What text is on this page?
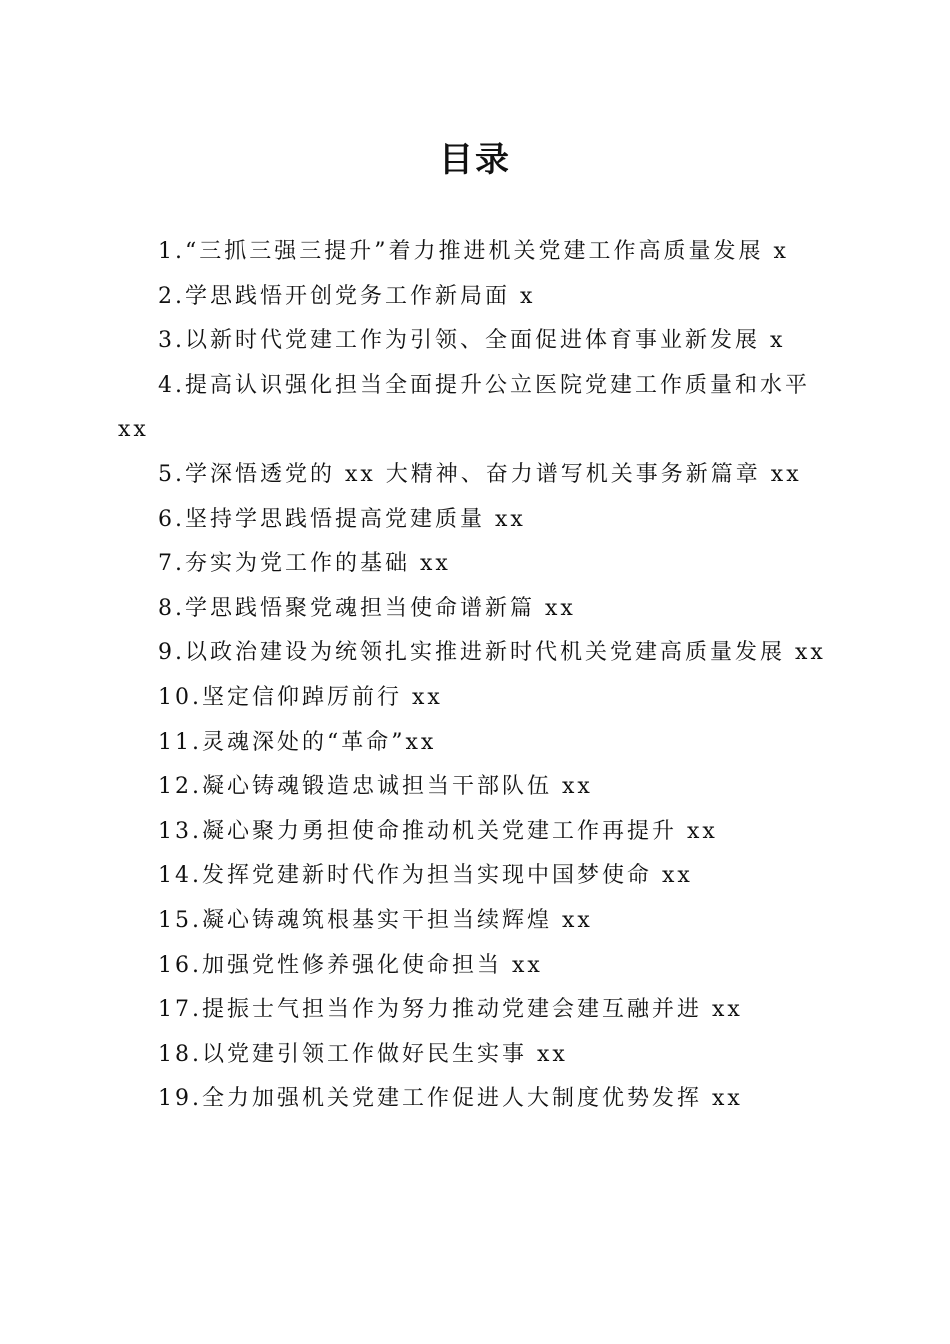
目录
1.“三抓三强三提升”着力推进机关党建工作高质量发展 x
2.学思践悟开创党务工作新局面 x
3.以新时代党建工作为引领、全面促进体育事业新发展 x
4.提高认识强化担当全面提升公立医院党建工作质量和水平 xx
5.学深悟透党的 xx 大精神、奋力谱写机关事务新篇章 xx
6.坚持学思践悟提高党建质量 xx
7.夯实为党工作的基础 xx
8.学思践悟聚党魂担当使命谱新篇 xx
9.以政治建设为统领扎实推进新时代机关党建高质量发展 xx
10.坚定信仰踔厉前行 xx
11.灵魂深处的“革命”xx
12.凝心铸魂锻造忠诚担当干部队伍 xx
13.凝心聚力勇担使命推动机关党建工作再提升 xx
14.发挥党建新时代作为担当实现中国梦使命 xx
15.凝心铸魂筑根基实干担当续辉煌 xx
16.加强党性修养强化使命担当 xx
17.提振士气担当作为努力推动党建会建互融并进 xx
18.以党建引领工作做好民生实事 xx
19.全力加强机关党建工作促进人大制度优势发挥 xx
